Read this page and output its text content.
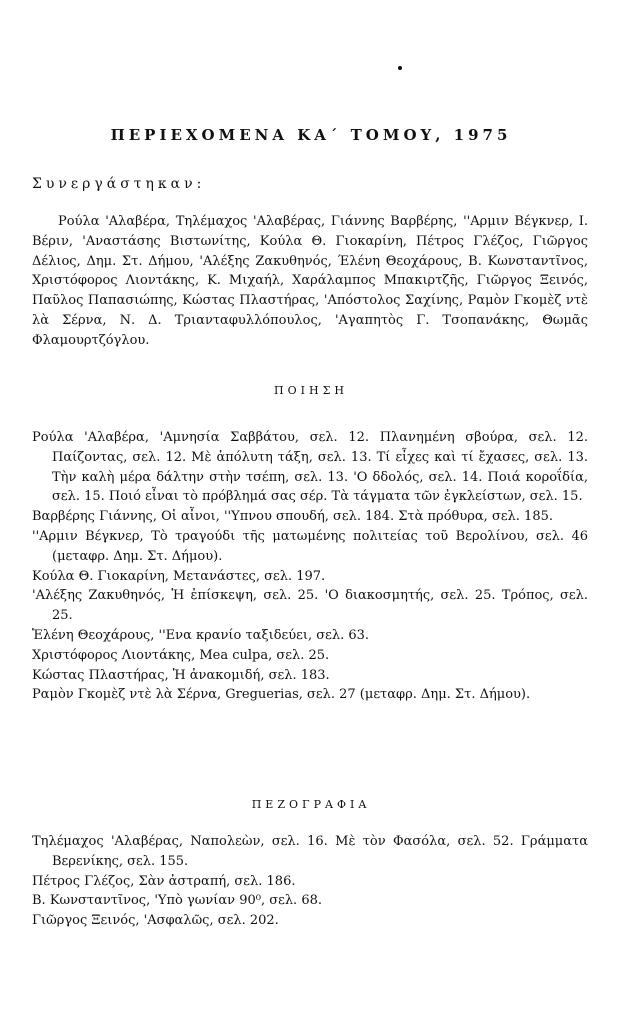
ΠΕΡΙΕΧΟΜΕΝΑ ΚΑ΄ ΤΟΜΟΥ, 1975
Συνεργάστηκαν:
Ρούλα 'Αλαβέρα, Τηλέμαχος 'Αλαβέρας, Γιάννης Βαρβέρης, ''Αρμιν Βέγκνερ, Ι. Βέριν, 'Αναστάσης Βιστωνίτης, Κούλα Θ. Γιοκαρίνη, Πέτρος Γλέζος, Γιῶργος Δέλιος, Δημ. Στ. Δήμου, 'Αλέξης Ζακυθηνός, Έλένη Θεοχάρους, Β. Κωνσταντῖνος, Χριστόφορος Λιοντάκης, Κ. Μιχαήλ, Χαράλαμπος Μπακιρτζῆς, Γιῶργος Ξεινός, Παῦλος Παπασιώπης, Κώστας Πλαστήρας, 'Απόστολος Σαχίνης, Ραμὸν Γκομὲζ ντὲ λὰ Σέρνα, Ν. Δ. Τριανταφυλλόπουλος, 'Αγαπητὸς Γ. Τσοπανάκης, Θωμᾶς Φλαμουρτζόγλου.
ΠΟΙΗΣΗ
Ρούλα 'Αλαβέρα, 'Αμνησία Σαββάτου, σελ. 12. Πλανημένη σβούρα, σελ. 12. Παίζοντας, σελ. 12. Μὲ ἀπόλυτη τάξη, σελ. 13. Τί εἶχες καὶ τί ἔχασες, σελ. 13. Τὴν καλὴ μέρα δάλτην στὴν τσέπη, σελ. 13. 'Ο δδολός, σελ. 14. Ποιά κοροΐδία, σελ. 15. Ποιό εἶναι τὸ πρόβλημά σας σέρ. Τὰ τάγματα τῶν ἐγκλείστων, σελ. 15.
Βαρβέρης Γιάννης, Οἱ αἶνοι, ''Υπνου σπουδή, σελ. 184. Στὰ πρόθυρα, σελ. 185.
''Αρμιν Βέγκνερ, Τὸ τραγούδι τῆς ματωμένης πολιτείας τοῦ Βερολίνου, σελ. 46 (μεταφρ. Δημ. Στ. Δήμου).
Κούλα Θ. Γιοκαρίνη, Μετανάστες, σελ. 197.
'Αλέξης Ζακυθηνός, Ἡ ἐπίσκεψη, σελ. 25. 'Ο διακοσμητής, σελ. 25. Τρόπος, σελ. 25.
Ἑλένη Θεοχάρους, ''Ενα κρανίο ταξιδεύει, σελ. 63.
Χριστόφορος Λιοντάκης, Mea culpa, σελ. 25.
Κώστας Πλαστήρας, Ἡ ἀνακομιδή, σελ. 183.
Ραμὸν Γκομὲζ ντὲ λὰ Σέρνα, Greguerias, σελ. 27 (μεταφρ. Δημ. Στ. Δήμου).
ΠΕΖΟΓΡΑΦΙΑ
Τηλέμαχος 'Αλαβέρας, Ναπολεὼν, σελ. 16. Μὲ τὸν Φασόλα, σελ. 52. Γράμματα Βερενίκης, σελ. 155.
Πέτρος Γλέζος, Σὰν ἀστραπή, σελ. 186.
Β. Κωνσταντῖνος, 'Υπὸ γωνίαν 90⁰, σελ. 68.
Γιῶργος Ξεινός, 'Ασφαλῶς, σελ. 202.
